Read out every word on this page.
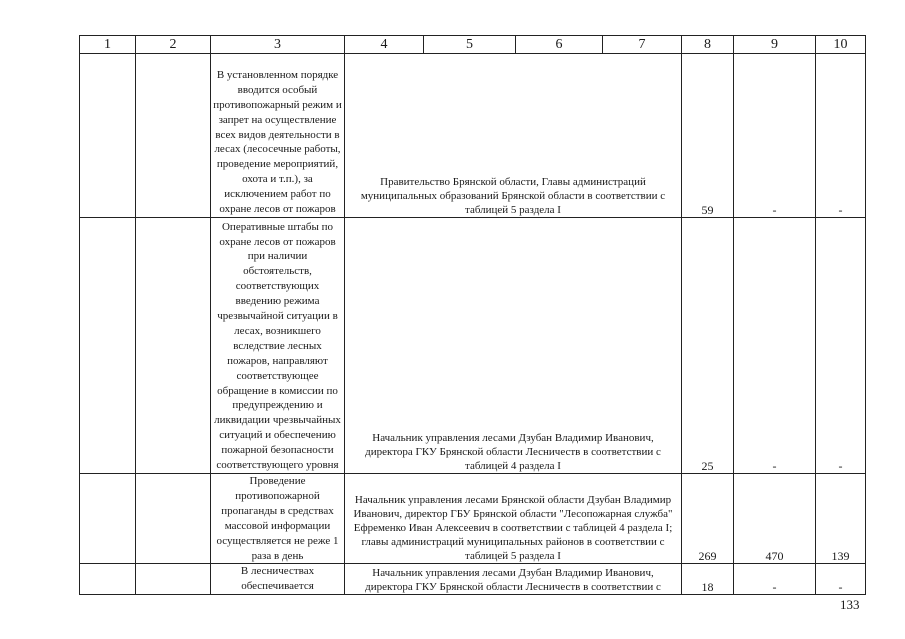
1	2	3	4	5	6	7	8	9	10
		В установленном порядке вводится особый противопожарный режим и запрет на осуществление всех видов деятельности в лесах (лесосечные работы, проведение мероприятий, охота и т.п.), за исключением работ по охране лесов от пожаров	Правительство Брянской области, Главы администраций муниципальных образований Брянской области в соответствии с таблицей 5 раздела I				59	-	-
		Оперативные штабы по охране лесов от пожаров при наличии обстоятельств, соответствующих введению режима чрезвычайной ситуации в лесах, возникшего вследствие лесных пожаров, направляют соответствующее обращение в комиссии по предупреждению и ликвидации чрезвычайных ситуаций и обеспечению пожарной безопасности соответствующего уровня	Начальник управления лесами Дзубан Владимир Иванович, директора ГКУ Брянской области Лесничеств в соответствии с таблицей 4 раздела I				25	-	-
		Проведение противопожарной пропаганды в средствах массовой информации осуществляется не реже 1 раза в день	Начальник управления лесами Брянской области Дзубан Владимир Иванович, директор ГБУ Брянской области "Лесопожарная служба" Ефременко Иван Алексеевич в соответствии с таблицей 4 раздела I; главы администраций муниципальных районов в соответствии с таблицей 5 раздела I				269	470	139
		В лесничествах обеспечивается	Начальник управления лесами Дзубан Владимир Иванович, директора ГКУ Брянской области Лесничеств в соответствии с				18	-	-
133
